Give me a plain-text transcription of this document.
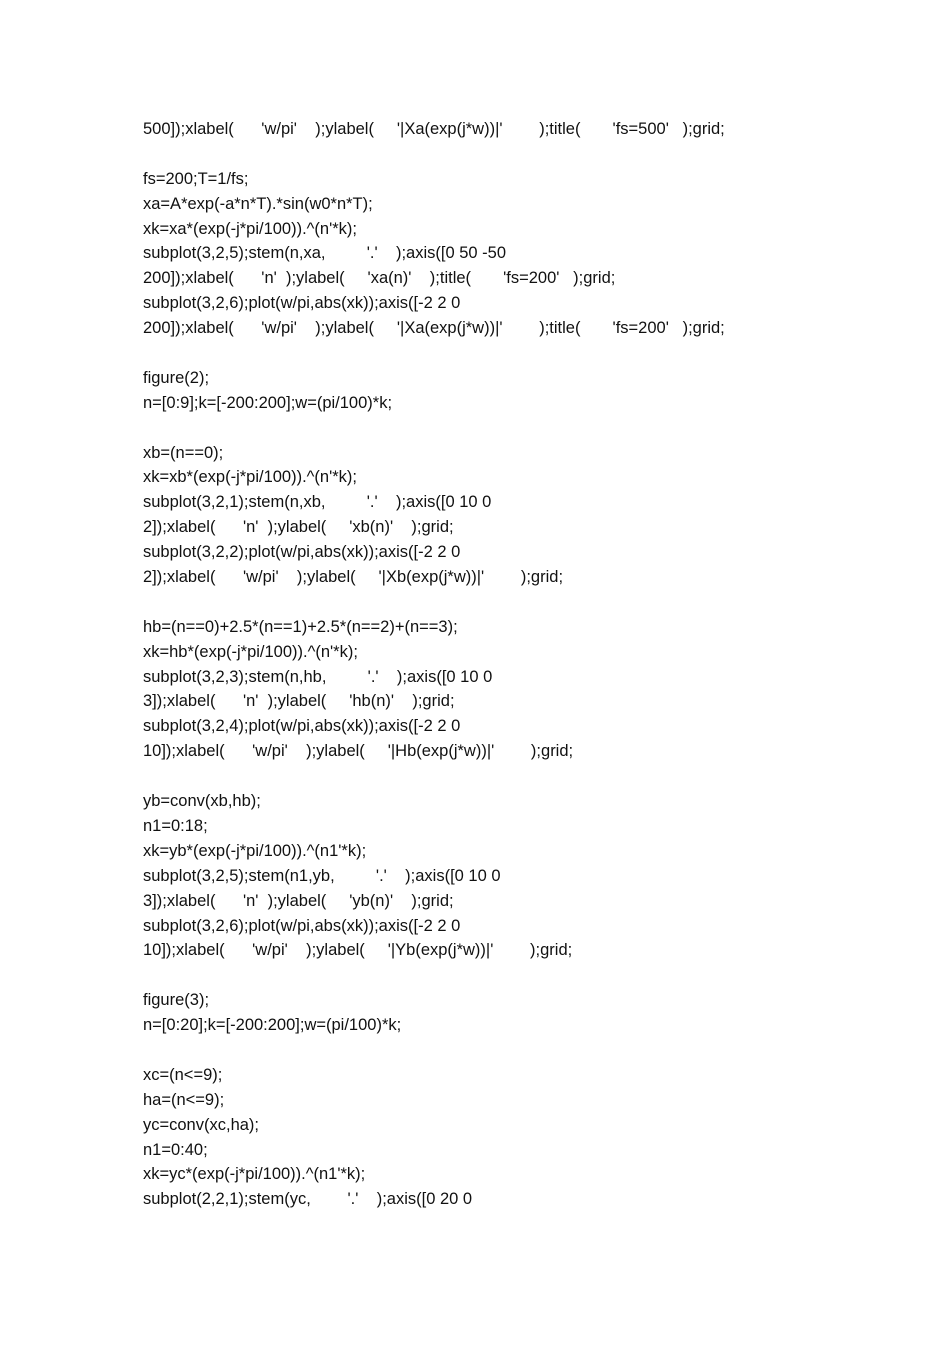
500]);xlabel(      'w/pi'    );ylabel(     '|Xa(exp(j*w))|'        );title(       'fs=500'   );grid;
fs=200;T=1/fs;
xa=A*exp(-a*n*T).*sin(w0*n*T);
xk=xa*(exp(-j*pi/100)).^(n'*k);
subplot(3,2,5);stem(n,xa,         '.'    );axis([0 50 -50
200]);xlabel(      'n'  );ylabel(     'xa(n)'    );title(       'fs=200'   );grid;
subplot(3,2,6);plot(w/pi,abs(xk));axis([-2 2 0
200]);xlabel(      'w/pi'    );ylabel(     '|Xa(exp(j*w))|'        );title(       'fs=200'   );grid;
figure(2);
n=[0:9];k=[-200:200];w=(pi/100)*k;
xb=(n==0);
xk=xb*(exp(-j*pi/100)).^(n'*k);
subplot(3,2,1);stem(n,xb,         '.'    );axis([0 10 0
2]);xlabel(      'n'  );ylabel(     'xb(n)'    );grid;
subplot(3,2,2);plot(w/pi,abs(xk));axis([-2 2 0
2]);xlabel(      'w/pi'    );ylabel(     '|Xb(exp(j*w))|'        );grid;
hb=(n==0)+2.5*(n==1)+2.5*(n==2)+(n==3);
xk=hb*(exp(-j*pi/100)).^(n'*k);
subplot(3,2,3);stem(n,hb,         '.'    );axis([0 10 0
3]);xlabel(      'n'  );ylabel(     'hb(n)'    );grid;
subplot(3,2,4);plot(w/pi,abs(xk));axis([-2 2 0
10]);xlabel(      'w/pi'    );ylabel(     '|Hb(exp(j*w))|'        );grid;
yb=conv(xb,hb);
n1=0:18;
xk=yb*(exp(-j*pi/100)).^(n1'*k);
subplot(3,2,5);stem(n1,yb,         '.'    );axis([0 10 0
3]);xlabel(      'n'  );ylabel(     'yb(n)'    );grid;
subplot(3,2,6);plot(w/pi,abs(xk));axis([-2 2 0
10]);xlabel(      'w/pi'    );ylabel(     '|Yb(exp(j*w))|'        );grid;
figure(3);
n=[0:20];k=[-200:200];w=(pi/100)*k;
xc=(n<=9);
ha=(n<=9);
yc=conv(xc,ha);
n1=0:40;
xk=yc*(exp(-j*pi/100)).^(n1'*k);
subplot(2,2,1);stem(yc,        '.'    );axis([0 20 0
